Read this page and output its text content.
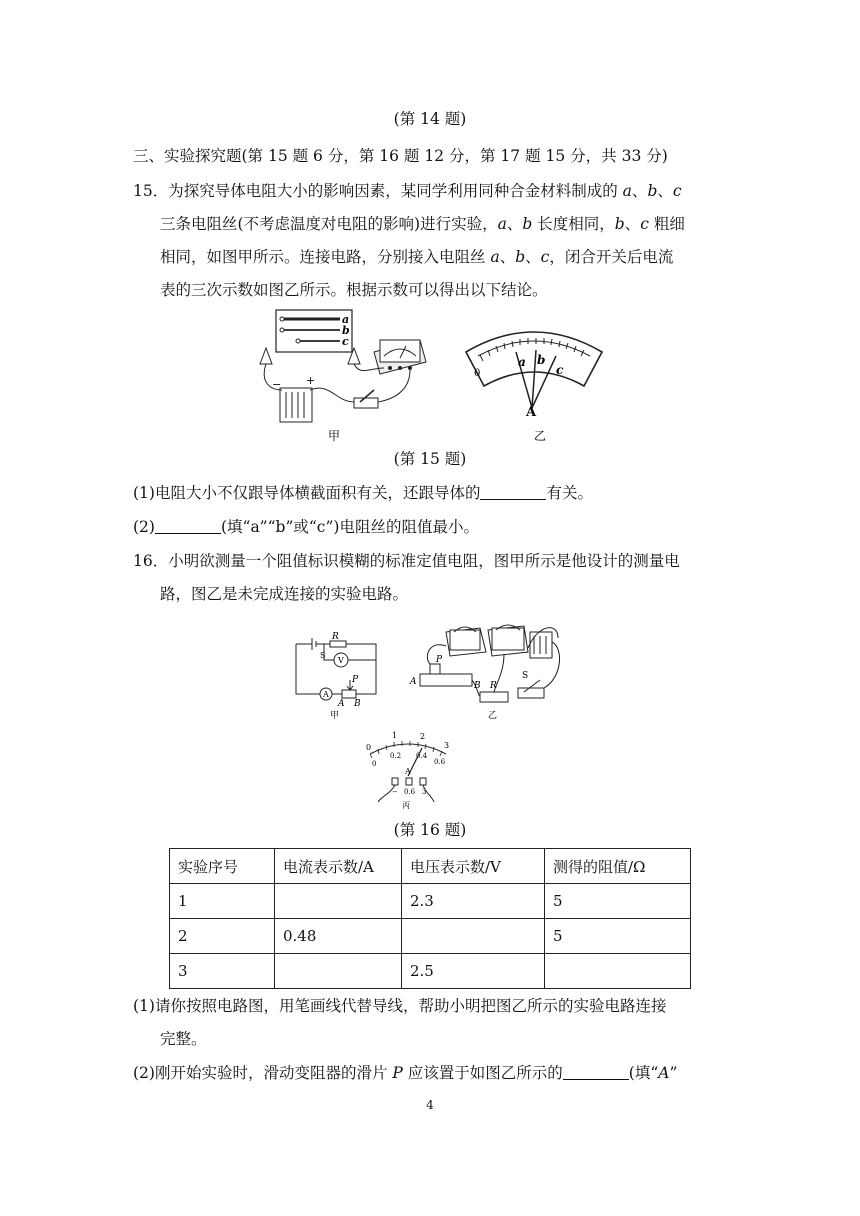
(第 14 题)
三、实验探究题(第 15 题 6 分，第 16 题 12 分，第 17 题 15 分，共 33 分)
15．为探究导体电阻大小的影响因素，某同学利用同种合金材料制成的 a、b、c
三条电阻丝(不考虑温度对电阻的影响)进行实验，a、b 长度相同，b、c 粗细
相同，如图甲所示。连接电路，分别接入电阻丝 a、b、c，闭合开关后电流
表的三次示数如图乙所示。根据示数可以得出以下结论。
a
b
c
− +
甲
0
a b
c
A
乙
(第 15 题)
(1)电阻大小不仅跟导体横截面积有关，还跟导体的	有关。
(2)	(填“a”“b”或“c”)电阻丝的阻值最小。
16．小明欲测量一个阻值标识模糊的标准定值电阻，图甲所示是他设计的测量电
路，图乙是未完成连接的实验电路。
R
S
V
A
P
A B
甲
P
A	B R
S
乙
0
1	2
3
0
0.2 0.4
0.6
A
− 0.6 3
丙
(第 16 题)
实验序号	电流表示数/A	电压表示数/V	测得的阻值/Ω
1		2.3	5
2	0.48		5
3		2.5	
(1)请你按照电路图，用笔画线代替导线，帮助小明把图乙所示的实验电路连接
完整。
(2)刚开始实验时，滑动变阻器的滑片 P 应该置于如图乙所示的	(填“A”
4
